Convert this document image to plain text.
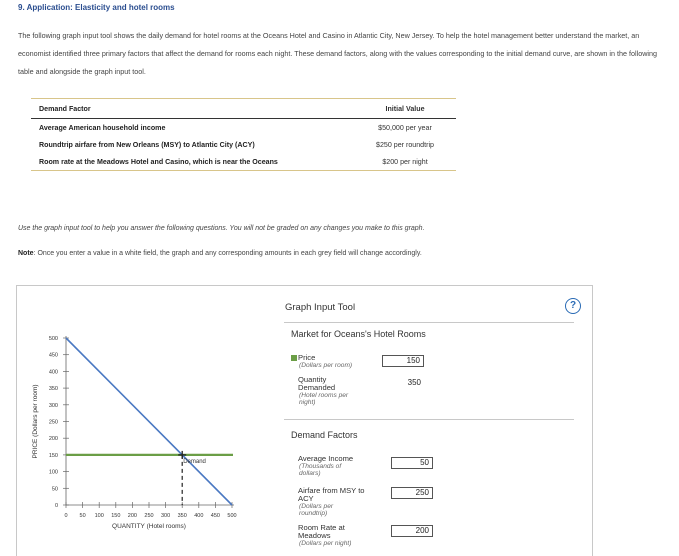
9. Application: Elasticity and hotel rooms
The following graph input tool shows the daily demand for hotel rooms at the Oceans Hotel and Casino in Atlantic City, New Jersey. To help the hotel management better understand the market, an economist identified three primary factors that affect the demand for rooms each night. These demand factors, along with the values corresponding to the initial demand curve, are shown in the following table and alongside the graph input tool.
Demand Factor	Initial Value
Average American household income	$50,000 per year
Roundtrip airfare from New Orleans (MSY) to Atlantic City (ACY)	$250 per roundtrip
Room rate at the Meadows Hotel and Casino, which is near the Oceans	$200 per night
Use the graph input tool to help you answer the following questions. You will not be graded on any changes you make to this graph.
Note: Once you enter a value in a white field, the graph and any corresponding amounts in each grey field will change accordingly.
0
50
100
150
200
250
300
350
400
450
500
0 50 100 150 200 250 300 350 400 450 500
QUANTITY (Hotel rooms)
PRICE (Dollars per room)
Demand
Graph Input Tool	?
Market for Oceans's Hotel Rooms
Price
(Dollars per room)
150
Quantity
Demanded
(Hotel rooms per
night)
350
Demand Factors
Average Income
(Thousands of
dollars)
50
Airfare from MSY to
ACY
(Dollars per
roundtrip)
250
Room Rate at
Meadows
(Dollars per night)
200
